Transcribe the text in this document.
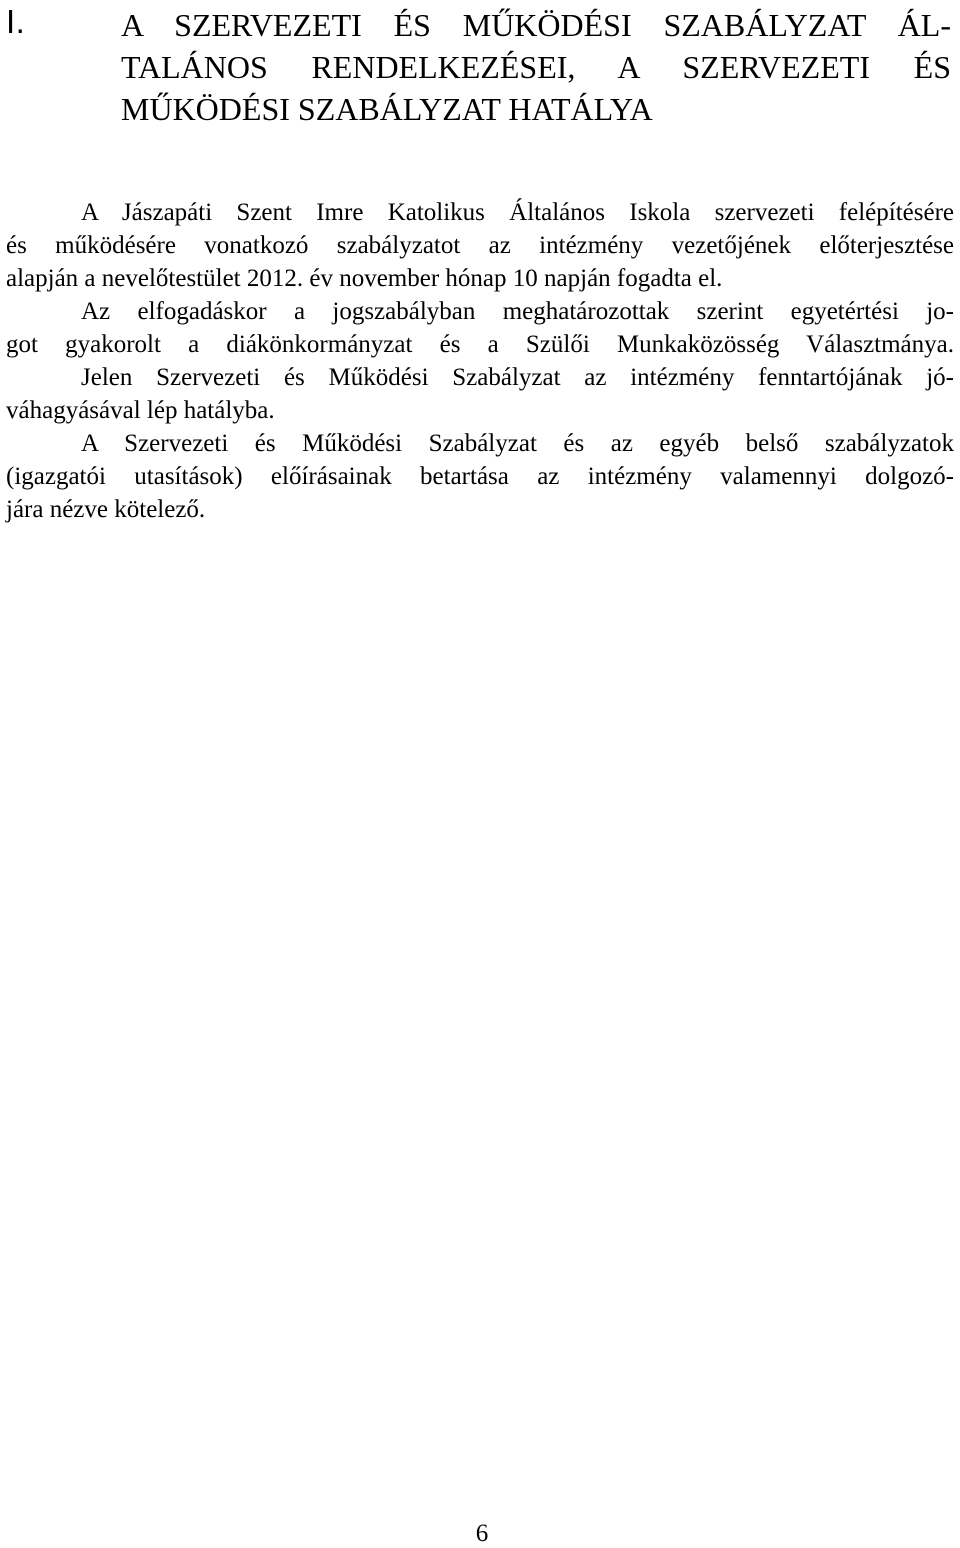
I.	A SZERVEZETI ÉS MŰKÖDÉSI SZABÁLYZAT ÁL-
TALÁNOS RENDELKEZÉSEI, A SZERVEZETI ÉS
MŰKÖDÉSI SZABÁLYZAT HATÁLYA
A Jászapáti Szent Imre Katolikus Általános Iskola szervezeti felépítésére
és működésére vonatkozó szabályzatot az intézmény vezetőjének előterjesztése
alapján a nevelőtestület 2012. év november hónap 10 napján fogadta el.
Az elfogadáskor a jogszabályban meghatározottak szerint egyetértési jo-
got gyakorolt a diákönkormányzat és a Szülői Munkaközösség Választmánya.
Jelen Szervezeti és Működési Szabályzat az intézmény fenntartójának jó-
váhagyásával lép hatályba.
A Szervezeti és Működési Szabályzat és az egyéb belső szabályzatok
(igazgatói utasítások) előírásainak betartása az intézmény valamennyi dolgozó-
jára nézve kötelező.
6
